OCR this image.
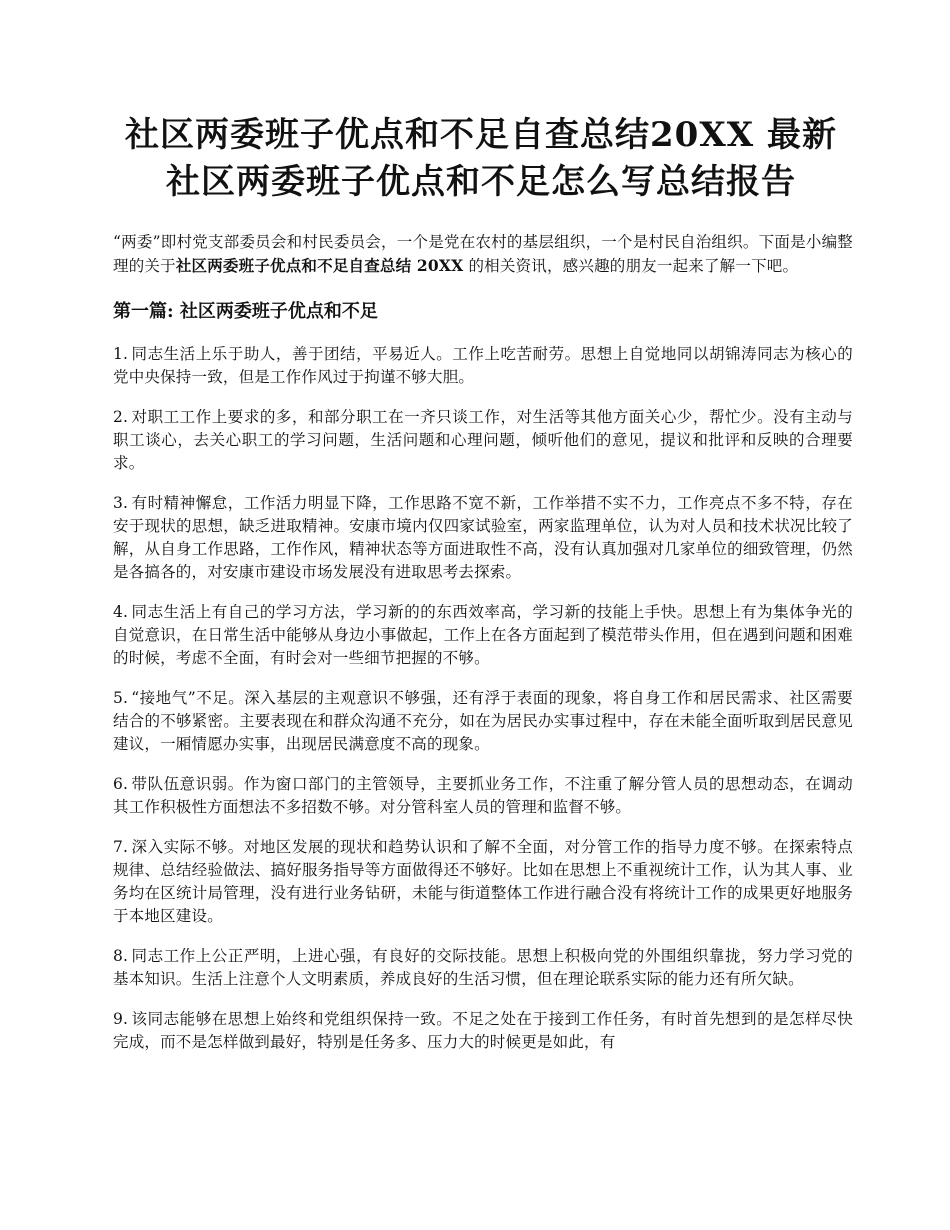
社区两委班子优点和不足自查总结20XX 最新社区两委班子优点和不足怎么写总结报告

“两委”即村党支部委员会和村民委员会，一个是党在农村的基层组织，一个是村民自治组织。下面是小编整理的关于社区两委班子优点和不足自查总结 20XX 的相关资讯，感兴趣的朋友一起来了解一下吧。

第一篇: 社区两委班子优点和不足

1. 同志生活上乐于助人，善于团结，平易近人。工作上吃苦耐劳。思想上自觉地同以胡锦涛同志为核心的党中央保持一致，但是工作作风过于拘谨不够大胆。

2. 对职工工作上要求的多，和部分职工在一齐只谈工作，对生活等其他方面关心少，帮忙少。没有主动与职工谈心，去关心职工的学习问题，生活问题和心理问题，倾听他们的意见，提议和批评和反映的合理要求。

3. 有时精神懈怠，工作活力明显下降，工作思路不宽不新，工作举措不实不力，工作亮点不多不特，存在安于现状的思想，缺乏进取精神。安康市境内仅四家试验室，两家监理单位，认为对人员和技术状况比较了解，从自身工作思路，工作作风，精神状态等方面进取性不高，没有认真加强对几家单位的细致管理，仍然是各搞各的，对安康市建设市场发展没有进取思考去探索。

4. 同志生活上有自己的学习方法，学习新的的东西效率高，学习新的技能上手快。思想上有为集体争光的自觉意识，在日常生活中能够从身边小事做起，工作上在各方面起到了模范带头作用，但在遇到问题和困难的时候，考虑不全面，有时会对一些细节把握的不够。

5. “接地气”不足。深入基层的主观意识不够强，还有浮于表面的现象，将自身工作和居民需求、社区需要结合的不够紧密。主要表现在和群众沟通不充分，如在为居民办实事过程中，存在未能全面听取到居民意见建议，一厢情愿办实事，出现居民满意度不高的现象。

6. 带队伍意识弱。作为窗口部门的主管领导，主要抓业务工作，不注重了解分管人员的思想动态，在调动其工作积极性方面想法不多招数不够。对分管科室人员的管理和监督不够。

7. 深入实际不够。对地区发展的现状和趋势认识和了解不全面，对分管工作的指导力度不够。在探索特点规律、总结经验做法、搞好服务指导等方面做得还不够好。比如在思想上不重视统计工作，认为其人事、业务均在区统计局管理，没有进行业务钻研，未能与街道整体工作进行融合没有将统计工作的成果更好地服务于本地区建设。

8. 同志工作上公正严明，上进心强，有良好的交际技能。思想上积极向党的外围组织靠拢，努力学习党的基本知识。生活上注意个人文明素质，养成良好的生活习惯，但在理论联系实际的能力还有所欠缺。

9. 该同志能够在思想上始终和党组织保持一致。不足之处在于接到工作任务，有时首先想到的是怎样尽快完成，而不是怎样做到最好，特别是任务多、压力大的时候更是如此，有
